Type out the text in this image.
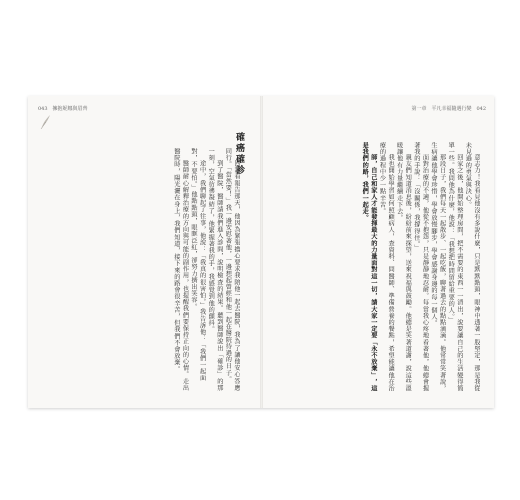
043　擁抱妮娜與眉齊
確癌確診

回診看報告那天，他因為緊張擔心要求我陪他一起去醫院，我為了讓他安心答應同行。「當然要！」我一邊安慰著他，一邊想起曾經和他一起在醫院待過的日子。

到了醫院，醫師請我們進入診間，說明檢查的結果。聽到醫師說出「確診」的那一刻，空氣彷彿凝結了，他緊握著我的手，我感覺到他的顫抖。

途中，我們聊起了往事，他說：「我真的很害怕。」我告訴他：「我們一起面對，不要怕。」他點點頭，眼眶泛紅，卻努力擠出笑容。

醫師耐心解釋治療的方向與可能的副作用，也提醒我們要保持正向的心情。走出醫院時，陽光灑在身上，我們知道，接下來的路會很辛苦，但我們不會放棄。

第一章　平凡幸福隨遇行變　042

意志力！我看見他沒有多說什麼，只是默默點頭，眼神中透著一股堅定，那是我從未見過的勇氣與決心。

回家之後，他開始整理房間，把不需要的東西一一清出，說要讓自己的生活變得簡單一些。我問他為什麼，他說：「我想把時間留給重要的人。」

那段日子，我們每天一起散步、一起吃飯，聊著過去的點點滴滴。他常常笑著說，生病讓他學會珍惜，學會放慢腳步，學會感謝身邊的每一個人。

面對治療的不適，他從不抱怨，只是靜靜地忍耐。每當我心疼地看著他，他總會握著我的手說：「沒關係，我撐得住。」

親友們知道消息後，紛紛前來探望，送來祝福與鼓勵。他總是笑著道謝，說這些溫暖讓他有力量繼續走下去。

我也開始學習如何照顧病人，查資料、問醫師、準備營養的餐點，希望能讓他在治療的過程中少一點辛苦。

師，自己和家人才能發揮最大的力量面對這一切，請大家一定要「永不放棄」，這是我們的路，我們一起走。
